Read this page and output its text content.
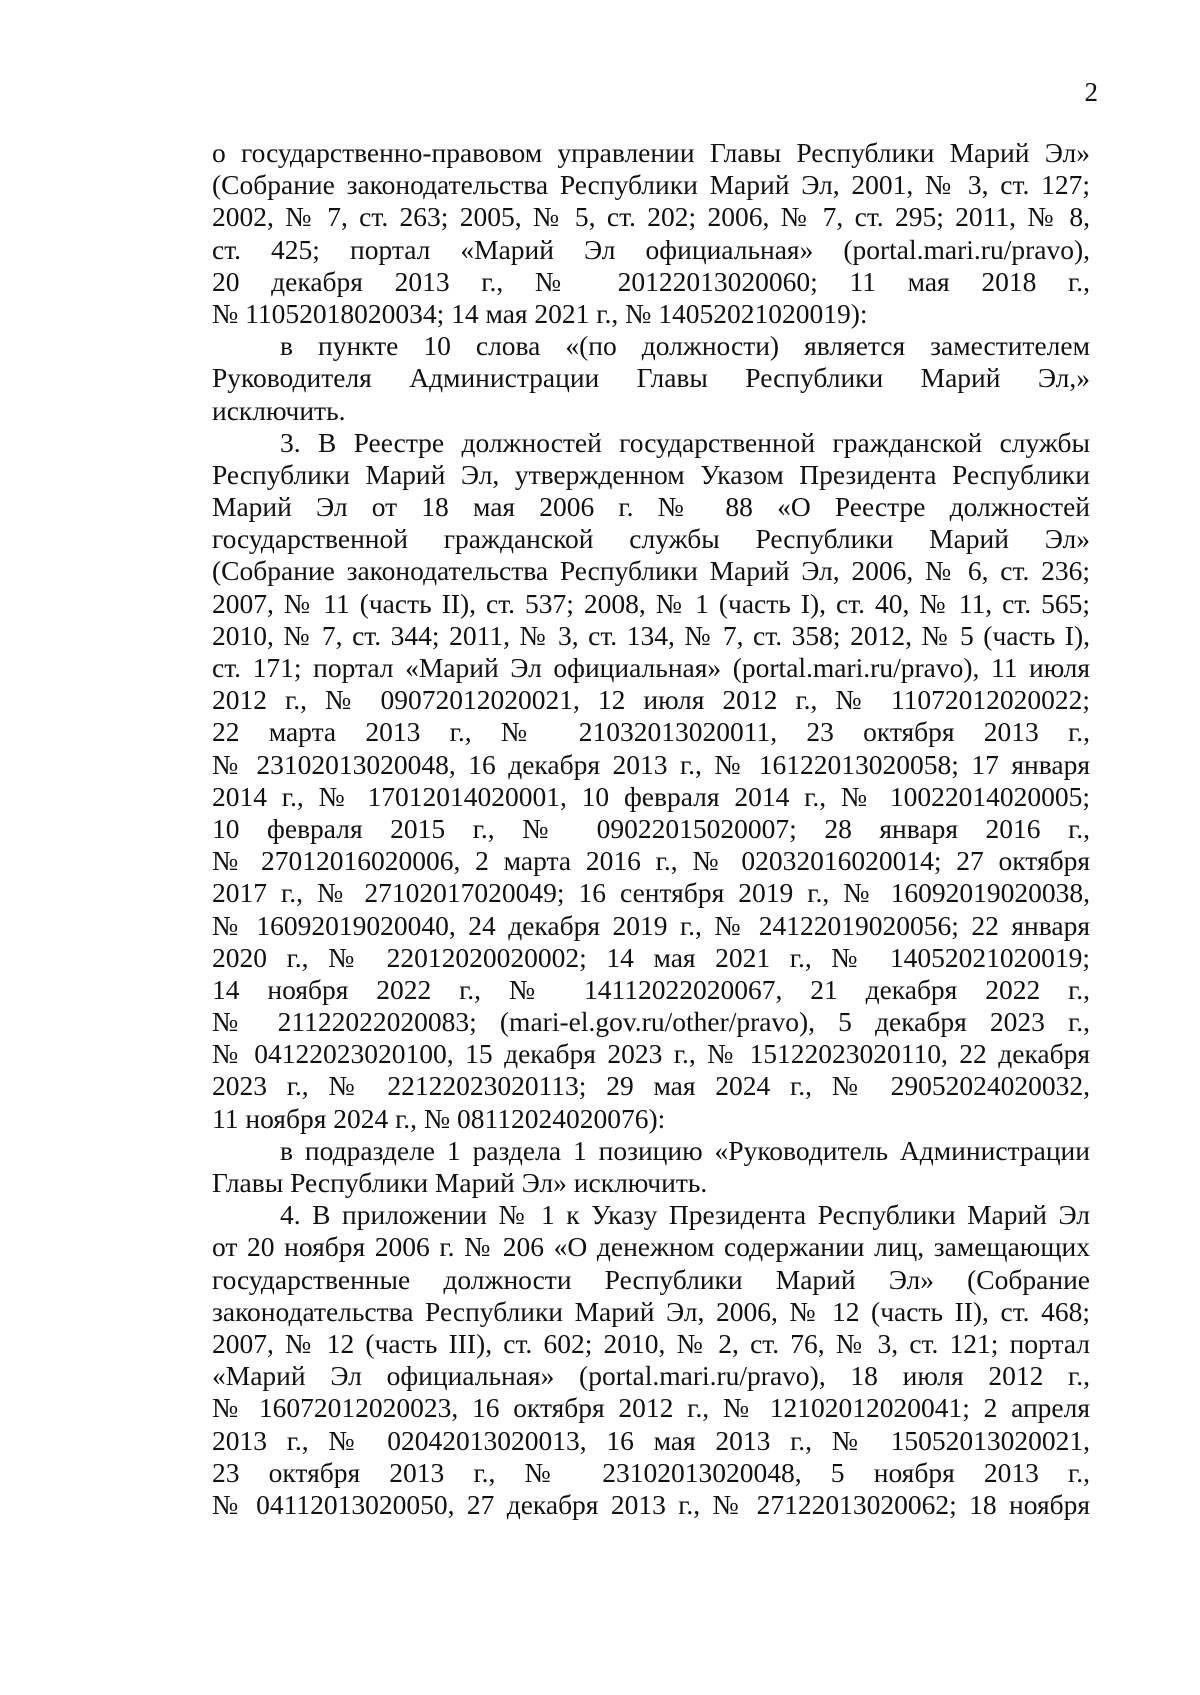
2
о государственно-правовом управлении Главы Республики Марий Эл»
(Собрание законодательства Республики Марий Эл, 2001, № 3, ст. 127;
2002, № 7, ст. 263; 2005, № 5, ст. 202; 2006, № 7, ст. 295; 2011, № 8,
ст. 425; портал «Марий Эл официальная» (portal.mari.ru/pravo),
20 декабря 2013 г., № 20122013020060; 11 мая 2018 г.,
№ 11052018020034; 14 мая 2021 г., № 14052021020019):
в пункте 10 слова «(по должности) является заместителем
Руководителя Администрации Главы Республики Марий Эл,»
исключить.
3. В Реестре должностей государственной гражданской службы
Республики Марий Эл, утвержденном Указом Президента Республики
Марий Эл от 18 мая 2006 г. № 88 «О Реестре должностей
государственной гражданской службы Республики Марий Эл»
(Собрание законодательства Республики Марий Эл, 2006, № 6, ст. 236;
2007, № 11 (часть II), ст. 537; 2008, № 1 (часть I), ст. 40, № 11, ст. 565;
2010, № 7, ст. 344; 2011, № 3, ст. 134, № 7, ст. 358; 2012, № 5 (часть I),
ст. 171; портал «Марий Эл официальная» (portal.mari.ru/pravo), 11 июля
2012 г., № 09072012020021, 12 июля 2012 г., № 11072012020022;
22 марта 2013 г., № 21032013020011, 23 октября 2013 г.,
№ 23102013020048, 16 декабря 2013 г., № 16122013020058; 17 января
2014 г., № 17012014020001, 10 февраля 2014 г., № 10022014020005;
10 февраля 2015 г., № 09022015020007; 28 января 2016 г.,
№ 27012016020006, 2 марта 2016 г., № 02032016020014; 27 октября
2017 г., № 27102017020049; 16 сентября 2019 г., № 16092019020038,
№ 16092019020040, 24 декабря 2019 г., № 24122019020056; 22 января
2020 г., № 22012020020002; 14 мая 2021 г., № 14052021020019;
14 ноября 2022 г., № 14112022020067, 21 декабря 2022 г.,
№ 21122022020083; (mari-el.gov.ru/other/pravo), 5 декабря 2023 г.,
№ 04122023020100, 15 декабря 2023 г., № 15122023020110, 22 декабря
2023 г., № 22122023020113; 29 мая 2024 г., № 29052024020032,
11 ноября 2024 г., № 08112024020076):
в подразделе 1 раздела 1 позицию «Руководитель Администрации
Главы Республики Марий Эл» исключить.
4. В приложении № 1 к Указу Президента Республики Марий Эл
от 20 ноября 2006 г. № 206 «О денежном содержании лиц, замещающих
государственные должности Республики Марий Эл» (Собрание
законодательства Республики Марий Эл, 2006, № 12 (часть II), ст. 468;
2007, № 12 (часть III), ст. 602; 2010, № 2, ст. 76, № 3, ст. 121; портал
«Марий Эл официальная» (portal.mari.ru/pravo), 18 июля 2012 г.,
№ 16072012020023, 16 октября 2012 г., № 12102012020041; 2 апреля
2013 г., № 02042013020013, 16 мая 2013 г., № 15052013020021,
23 октября 2013 г., № 23102013020048, 5 ноября 2013 г.,
№ 04112013020050, 27 декабря 2013 г., № 27122013020062; 18 ноября
